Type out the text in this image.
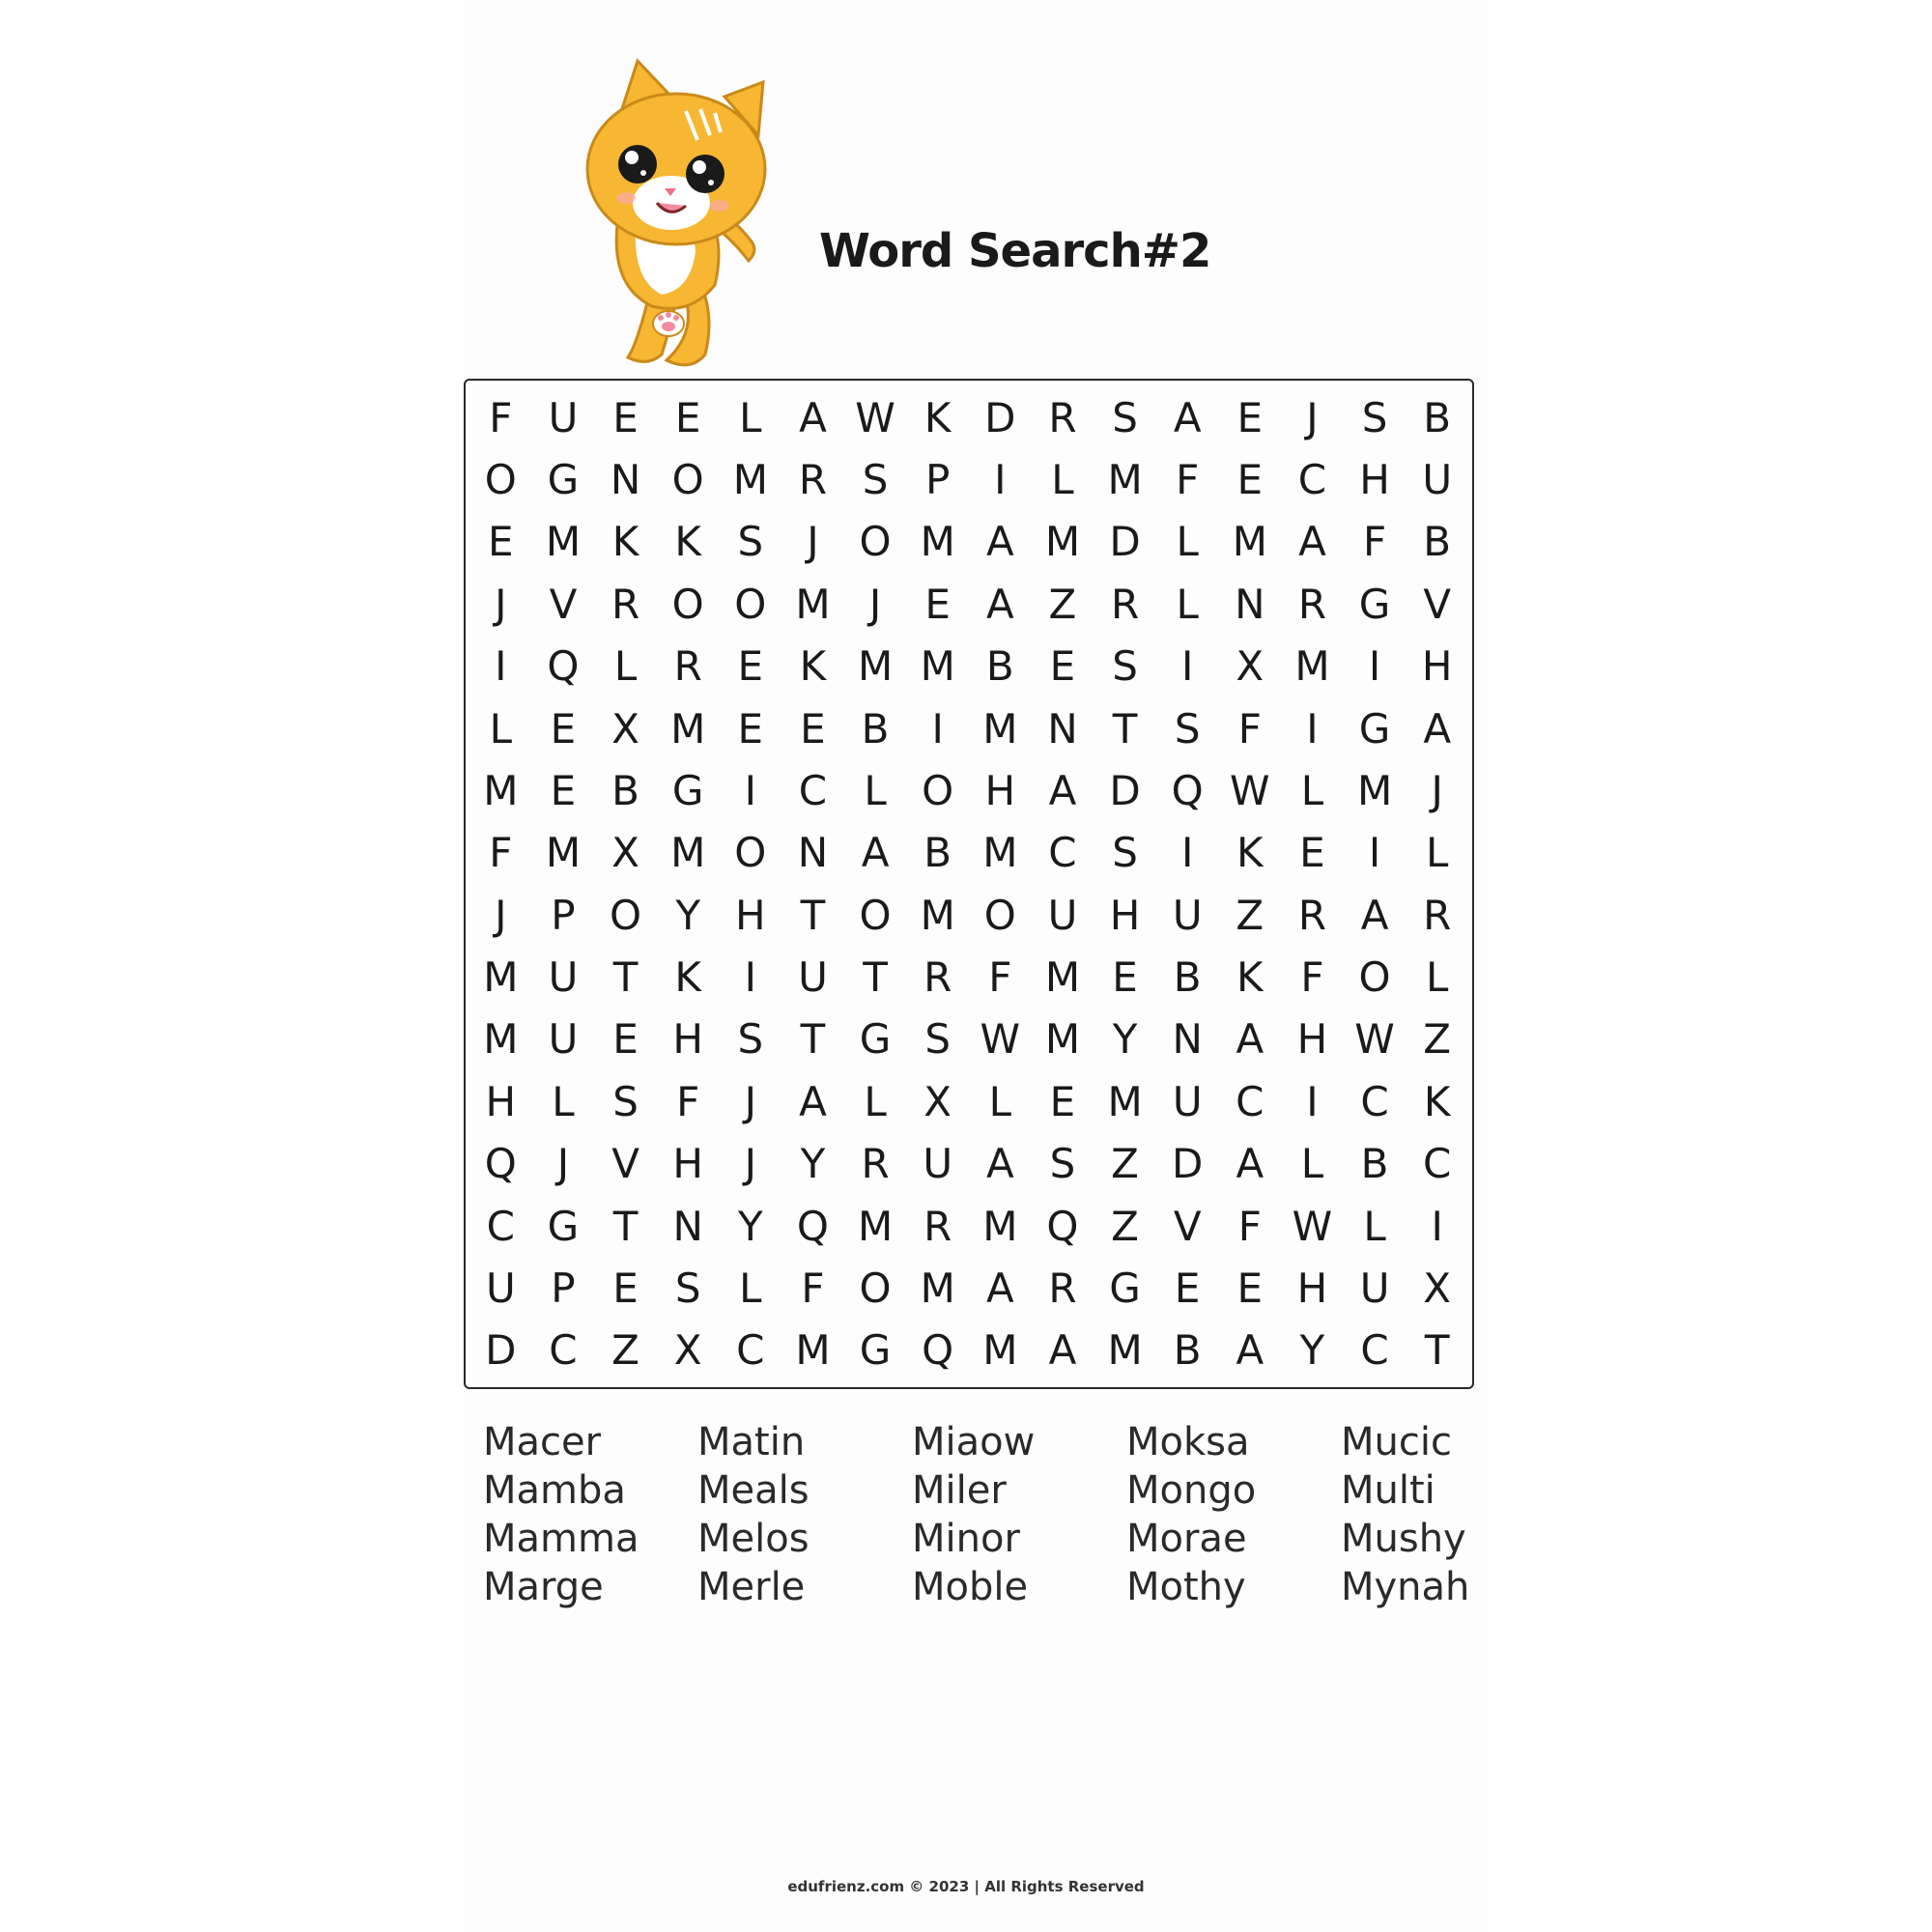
Word Search#2
F U E E L A W K D R S A E	J	S B
O G N O M R S P	I	L M F E C H U
E M K K S	J O M A M D L M A F B
J	V R O O M J	E A Z R L N R G V
I Q L R E K M M B E S	I	X M I	H
L E X M E E B	I M N T S F	I	G A
M E B G	I	C L O H A D Q W L M J
F M X M O N A B M C S	I	K E	I	L
J	P O Y H T O M O U H U Z R A R
M U T K	I	U T R F M E B K F O L
M U E H S T G S W M Y N A H W Z
H L S F	J	A L X L E M U C	I	C K
Q J	V H	J	Y R U A S Z D A L B C
C G T N Y Q M R M Q Z V F W L	I
U P E S L F O M A R G E E H U X
D C Z X C M G Q M A M B A Y C T
Macer
Mamba
Mamma
Marge
Matin
Meals
Melos
Merle
Miaow
Miler
Minor
Moble
Moksa
Mongo
Morae
Mothy
Mucic
Multi
Mushy
Mynah
edufrienz.com © 2023 | All Rights Reserved
